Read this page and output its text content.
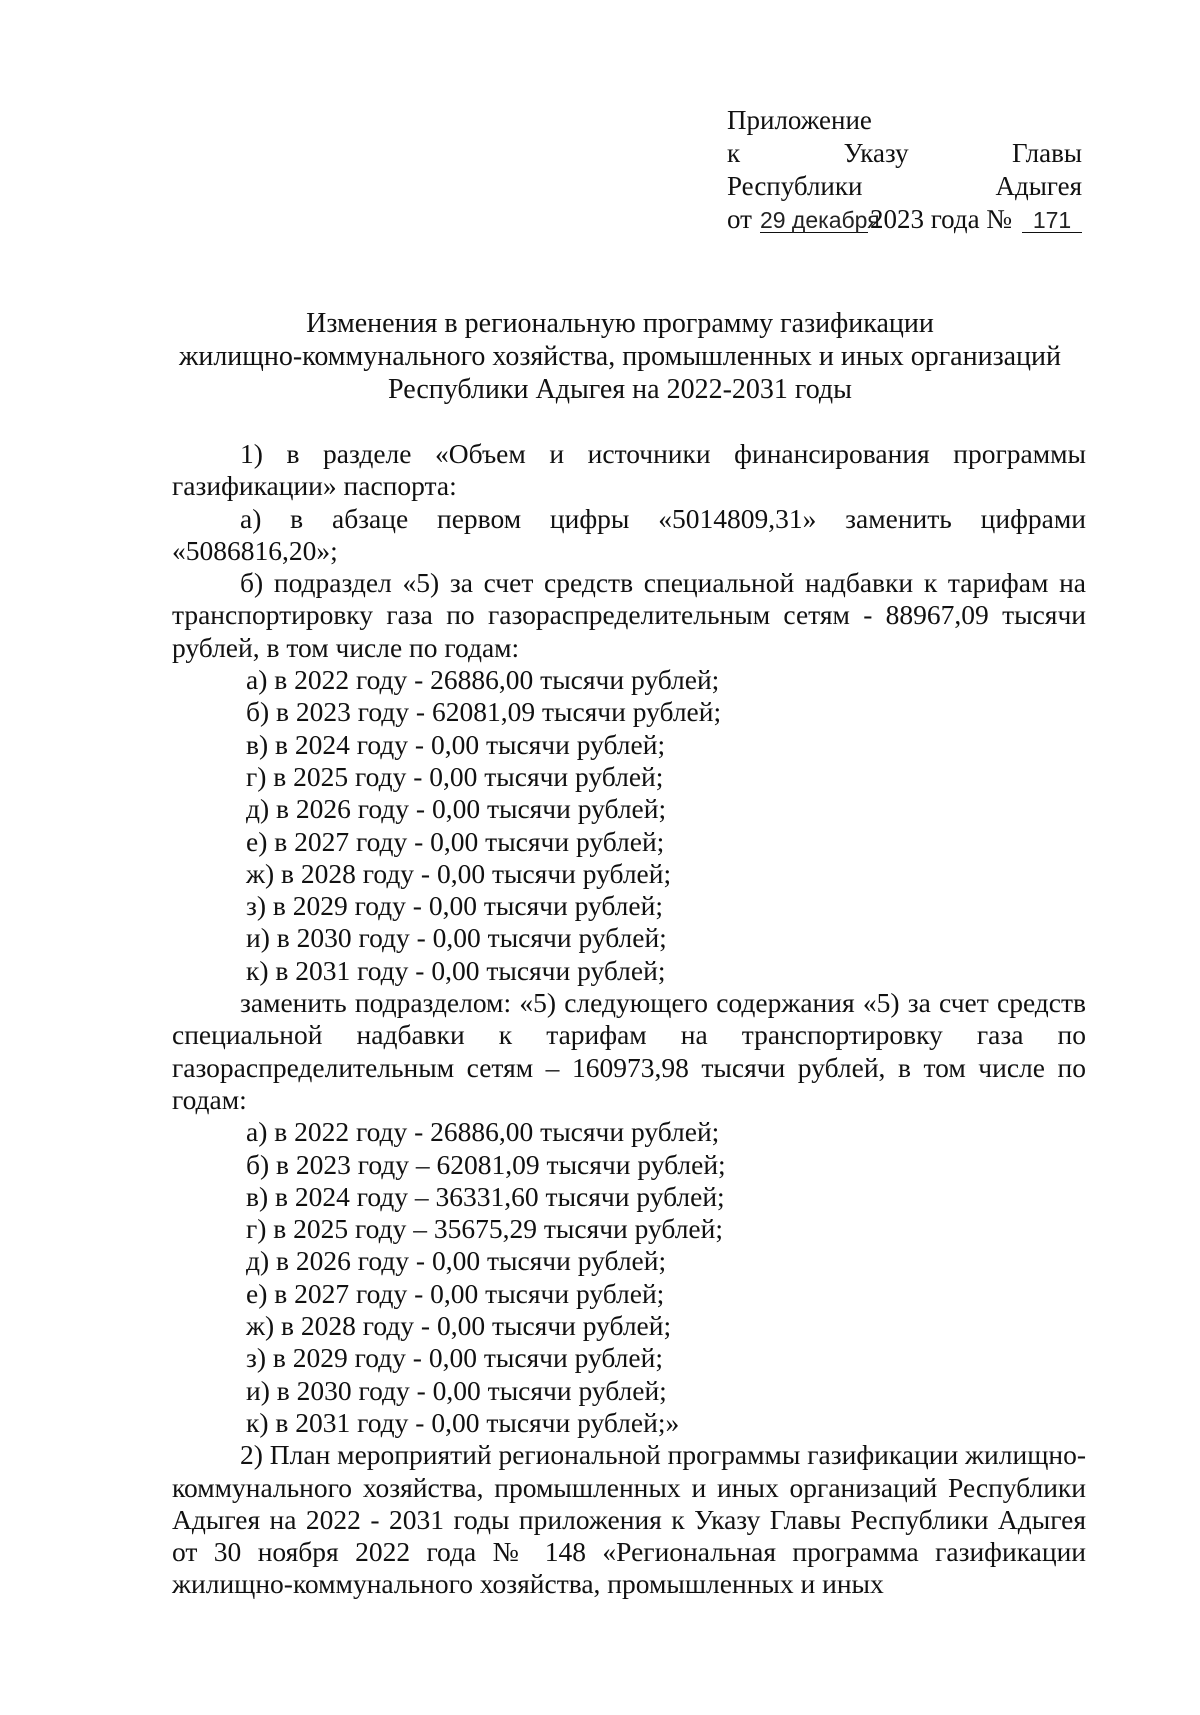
Приложение
к	Указу	Главы
Республики	Адыгея
от 29 декабря
2023 года № 171
Изменения в региональную программу газификации
жилищно-коммунального хозяйства, промышленных и иных организаций
Республики Адыгея на 2022-2031 годы

1) в разделе «Объем и источники финансирования программы газификации» паспорта:

а) в абзаце первом цифры «5014809,31» заменить цифрами «5086816,20»;

б) подраздел «5) за счет средств специальной надбавки к тарифам на транспортировку газа по газораспределительным сетям - 88967,09 тысячи рублей, в том числе по годам:

а) в 2022 году - 26886,00 тысячи рублей;
б) в 2023 году - 62081,09 тысячи рублей;
в) в 2024 году - 0,00 тысячи рублей;
г) в 2025 году - 0,00 тысячи рублей;
д) в 2026 году - 0,00 тысячи рублей;
е) в 2027 году - 0,00 тысячи рублей;
ж) в 2028 году - 0,00 тысячи рублей;
з) в 2029 году - 0,00 тысячи рублей;
и) в 2030 году - 0,00 тысячи рублей;
к) в 2031 году - 0,00 тысячи рублей;

заменить подразделом: «5) следующего содержания «5) за счет средств специальной надбавки к тарифам на транспортировку газа по газораспределительным сетям – 160973,98 тысячи рублей, в том числе по годам:

а) в 2022 году - 26886,00 тысячи рублей;
б) в 2023 году – 62081,09 тысячи рублей;
в) в 2024 году – 36331,60 тысячи рублей;
г) в 2025 году – 35675,29 тысячи рублей;
д) в 2026 году - 0,00 тысячи рублей;
е) в 2027 году - 0,00 тысячи рублей;
ж) в 2028 году - 0,00 тысячи рублей;
з) в 2029 году - 0,00 тысячи рублей;
и) в 2030 году - 0,00 тысячи рублей;
к) в 2031 году - 0,00 тысячи рублей;»

2) План мероприятий региональной программы газификации жилищно-коммунального хозяйства, промышленных и иных организаций Республики Адыгея на 2022 - 2031 годы приложения к Указу Главы Республики Адыгея от 30 ноября 2022 года № 148 «Региональная программа газификации жилищно-коммунального хозяйства, промышленных и иных
